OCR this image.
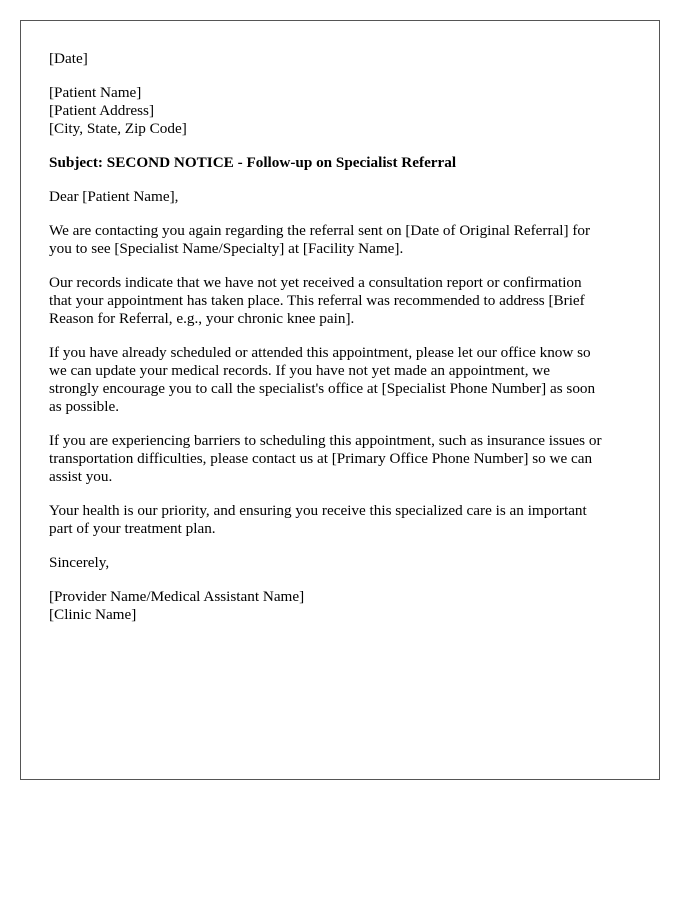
[Date]
[Patient Name]
[Patient Address]
[City, State, Zip Code]
Subject: SECOND NOTICE - Follow-up on Specialist Referral
Dear [Patient Name],
We are contacting you again regarding the referral sent on [Date of Original Referral] for
you to see [Specialist Name/Specialty] at [Facility Name].
Our records indicate that we have not yet received a consultation report or confirmation
that your appointment has taken place. This referral was recommended to address [Brief
Reason for Referral, e.g., your chronic knee pain].
If you have already scheduled or attended this appointment, please let our office know so
we can update your medical records. If you have not yet made an appointment, we
strongly encourage you to call the specialist's office at [Specialist Phone Number] as soon
as possible.
If you are experiencing barriers to scheduling this appointment, such as insurance issues or
transportation difficulties, please contact us at [Primary Office Phone Number] so we can
assist you.
Your health is our priority, and ensuring you receive this specialized care is an important
part of your treatment plan.
Sincerely,
[Provider Name/Medical Assistant Name]
[Clinic Name]
